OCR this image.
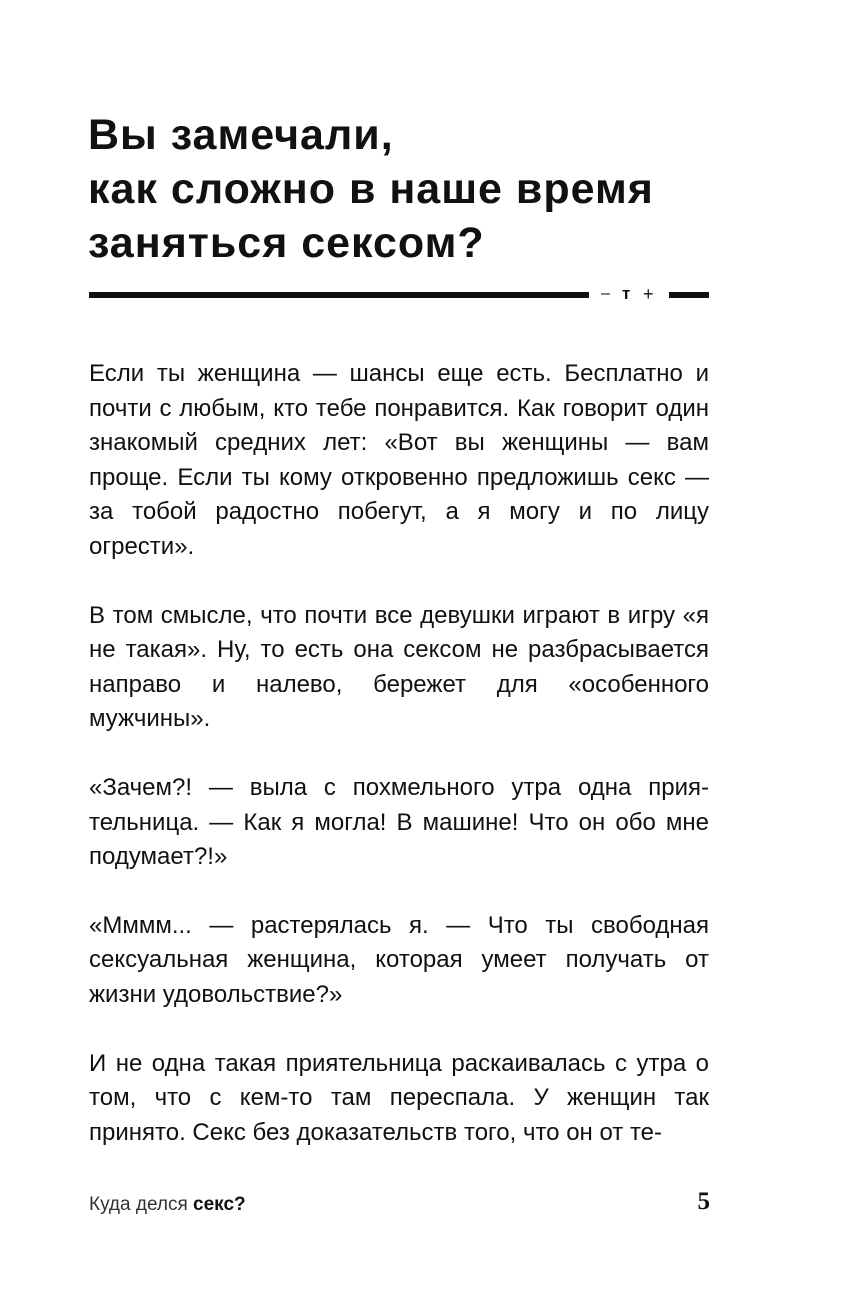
Вы замечали,
как сложно в наше время
заняться сексом?
– т +

Если ты женщина — шансы еще есть. Бесплатно и почти с любым, кто тебе понравится. Как говорит один знакомый средних лет: «Вот вы женщины — вам проще. Если ты кому откровенно предложишь секс — за тобой радостно побегут, а я могу и по лицу огрести».

В том смысле, что почти все девушки играют в игру «я не такая». Ну, то есть она сексом не разбрасывается направо и налево, бережет для «особенного мужчины».

«Зачем?! — выла с похмельного утра одна приятельница. — Как я могла! В машине! Что он обо мне подумает?!»

«Мммм... — растерялась я. — Что ты свободная сексуальная женщина, которая умеет получать от жизни удовольствие?»

И не одна такая приятельница раскаивалась с утра о том, что с кем-то там переспала. У женщин так принято. Секс без доказательств того, что он от те-

Куда делся секс?	5
